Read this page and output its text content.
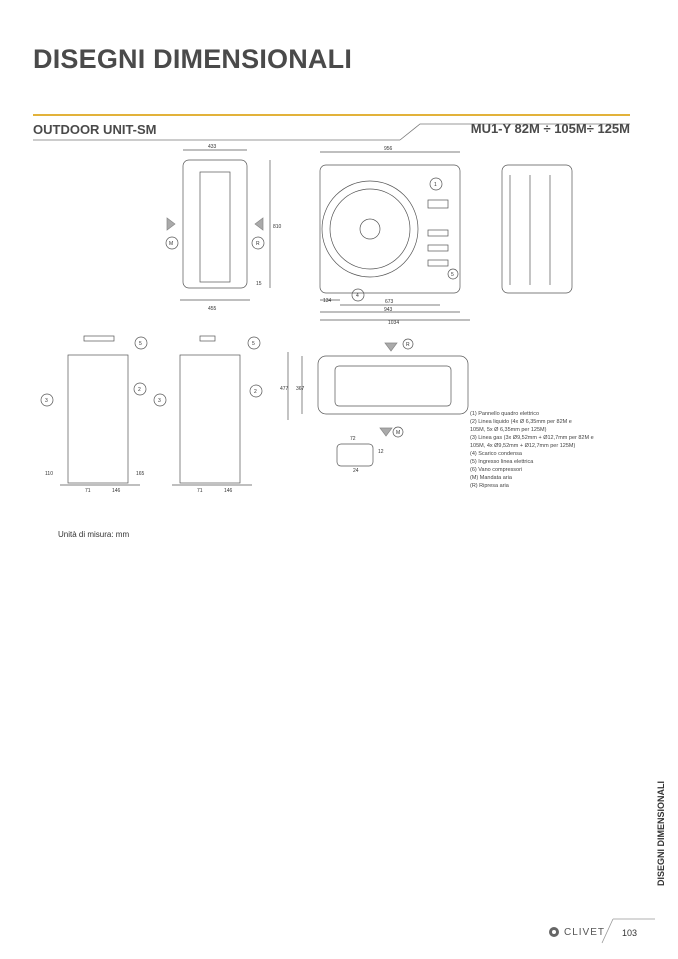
DISEGNI DIMENSIONALI
OUTDOOR UNIT-SM	MU1-Y 82M ÷ 105M÷ 125M
433
455
810
15
M	R
956
134	673
943
1034
1
4
5
3
2
5
3
2
5
71	146	71	146
110	165
477 367
R
M
72
24
12
(1) Pannello quadro elettrico
(2) Linea liquido (4x Ø 6,35mm per 82M e
105M, 5x Ø 6,35mm per 125M)
(3) Linea gas (3x Ø9,52mm + Ø12,7mm per 82M e
105M, 4x Ø9,52mm + Ø12,7mm per 125M)
(4) Scarico condensa
(5) Ingresso linea elettrica
(6) Vano compressori
(M) Mandata aria
(R) Ripresa aria
Unità di misura: mm
DISEGNI DIMENSIONALI
CLIVET 103
